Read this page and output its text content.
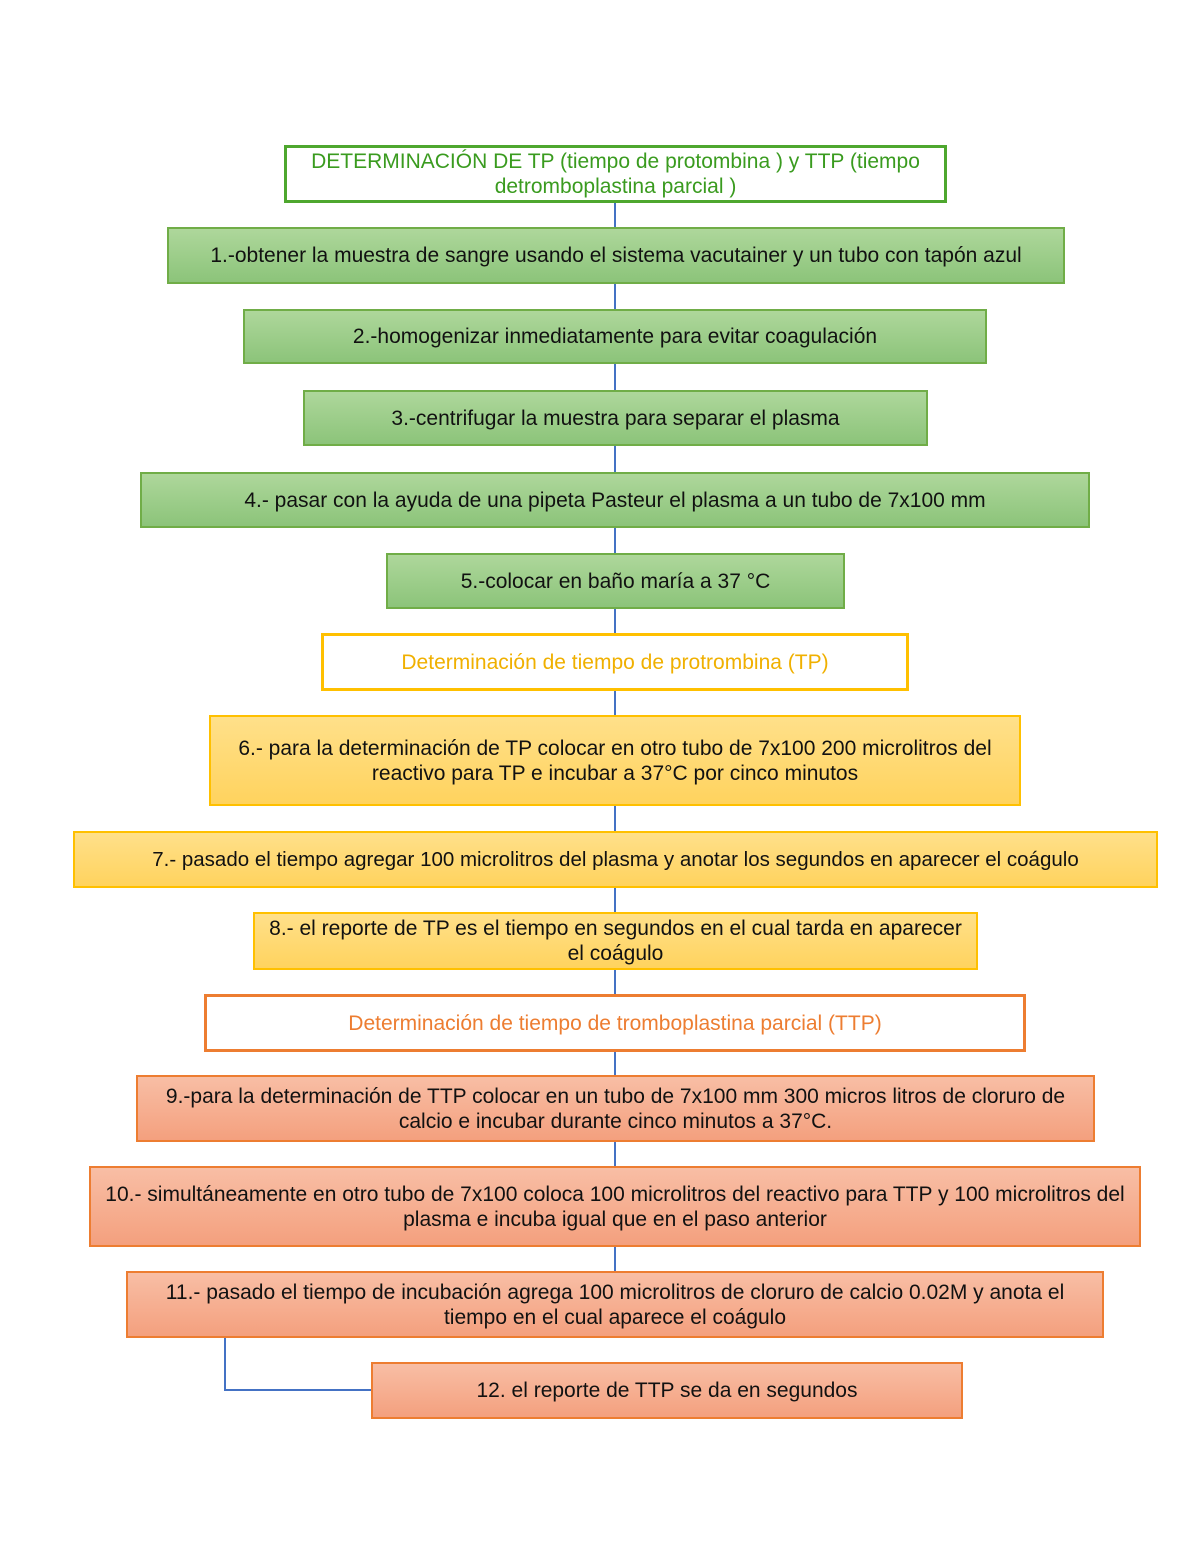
DETERMINACIÓN DE TP (tiempo de protombina ) y TTP (tiempo detromboplastina parcial )
1.-obtener la muestra de sangre usando el sistema vacutainer y un tubo con tapón azul
2.-homogenizar inmediatamente para evitar coagulación
3.-centrifugar la muestra para separar el plasma
4.- pasar con la ayuda de una pipeta Pasteur el plasma a un tubo de 7x100 mm
5.-colocar en baño maría a 37 °C
Determinación de tiempo de protrombina (TP)
6.- para la determinación de TP colocar en otro tubo de 7x100 200 microlitros del reactivo para TP e incubar a 37°C por cinco minutos
7.- pasado el tiempo agregar 100 microlitros del plasma y anotar los segundos en aparecer el coágulo
8.- el reporte de TP es el tiempo en segundos en el cual tarda en aparecer el coágulo
Determinación de tiempo de tromboplastina parcial (TTP)
9.-para la determinación de TTP colocar en un tubo de 7x100 mm 300 micros litros de cloruro de calcio e incubar durante cinco minutos a 37°C.
10.- simultáneamente en otro tubo de 7x100 coloca 100 microlitros del reactivo para TTP y 100 microlitros del plasma e incuba igual que en el paso anterior
11.- pasado el tiempo de incubación agrega 100 microlitros de cloruro de calcio 0.02M y anota el tiempo en el cual aparece el coágulo
12. el reporte de TTP se da en segundos
